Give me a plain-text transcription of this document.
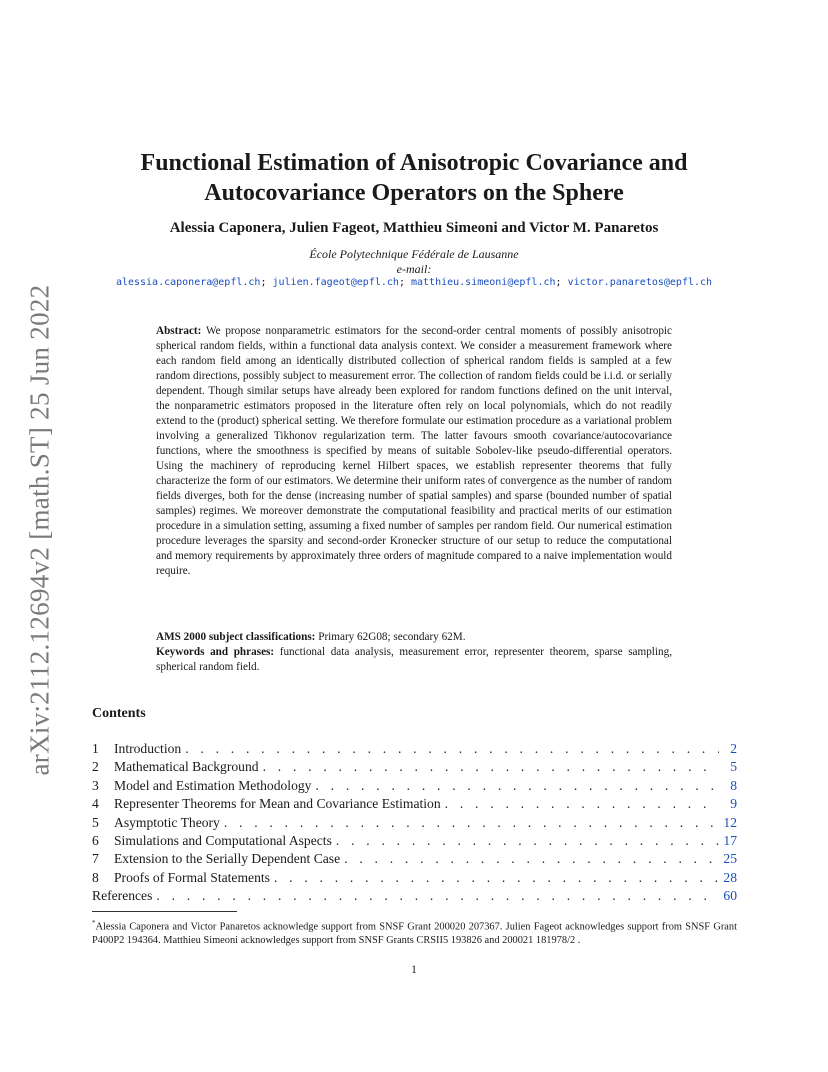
arXiv:2112.12694v2 [math.ST] 25 Jun 2022
Functional Estimation of Anisotropic Covariance and
Autocovariance Operators on the Sphere
Alessia Caponera, Julien Fageot, Matthieu Simeoni and Victor M. Panaretos
École Polytechnique Fédérale de Lausanne
e-mail:
alessia.caponera@epfl.ch; julien.fageot@epfl.ch; matthieu.simeoni@epfl.ch; victor.panaretos@epfl.ch
Abstract: We propose nonparametric estimators for the second-order central moments of possibly anisotropic spherical random fields, within a functional data analysis context. We consider a measurement framework where each random field among an identically distributed collection of spherical random fields is sampled at a few random directions, possibly subject to measurement error. The collection of random fields could be i.i.d. or serially dependent. Though similar setups have already been explored for random functions defined on the unit interval, the nonparametric estimators proposed in the literature often rely on local polynomials, which do not readily extend to the (product) spherical setting. We therefore formulate our estimation procedure as a variational problem involving a generalized Tikhonov regularization term. The latter favours smooth covariance/autocovariance functions, where the smoothness is specified by means of suitable Sobolev-like pseudo-differential operators. Using the machinery of reproducing kernel Hilbert spaces, we establish representer theorems that fully characterize the form of our estimators. We determine their uniform rates of convergence as the number of random fields diverges, both for the dense (increasing number of spatial samples) and sparse (bounded number of spatial samples) regimes. We moreover demonstrate the computational feasibility and practical merits of our estimation procedure in a simulation setting, assuming a fixed number of samples per random field. Our numerical estimation procedure leverages the sparsity and second-order Kronecker structure of our setup to reduce the computational and memory requirements by approximately three orders of magnitude compared to a naive implementation would require.

AMS 2000 subject classifications: Primary 62G08; secondary 62M.

Keywords and phrases: functional data analysis, measurement error, representer theorem, sparse sampling, spherical random field.

Contents
1	Introduction . . .	2
2	Mathematical Background . . .	5
3	Model and Estimation Methodology . . .	8
4	Representer Theorems for Mean and Covariance Estimation . . .	9
5	Asymptotic Theory . . .	12
6	Simulations and Computational Aspects . . .	17
7	Extension to the Serially Dependent Case . . .	25
8	Proofs of Formal Statements . . .	28
References . . .	60
*Alessia Caponera and Victor Panaretos acknowledge support from SNSF Grant 200020 207367. Julien Fageot acknowledges support from SNSF Grant P400P2 194364. Matthieu Simeoni acknowledges support from SNSF Grants CRSII5 193826 and 200021 181978/2 .
1
